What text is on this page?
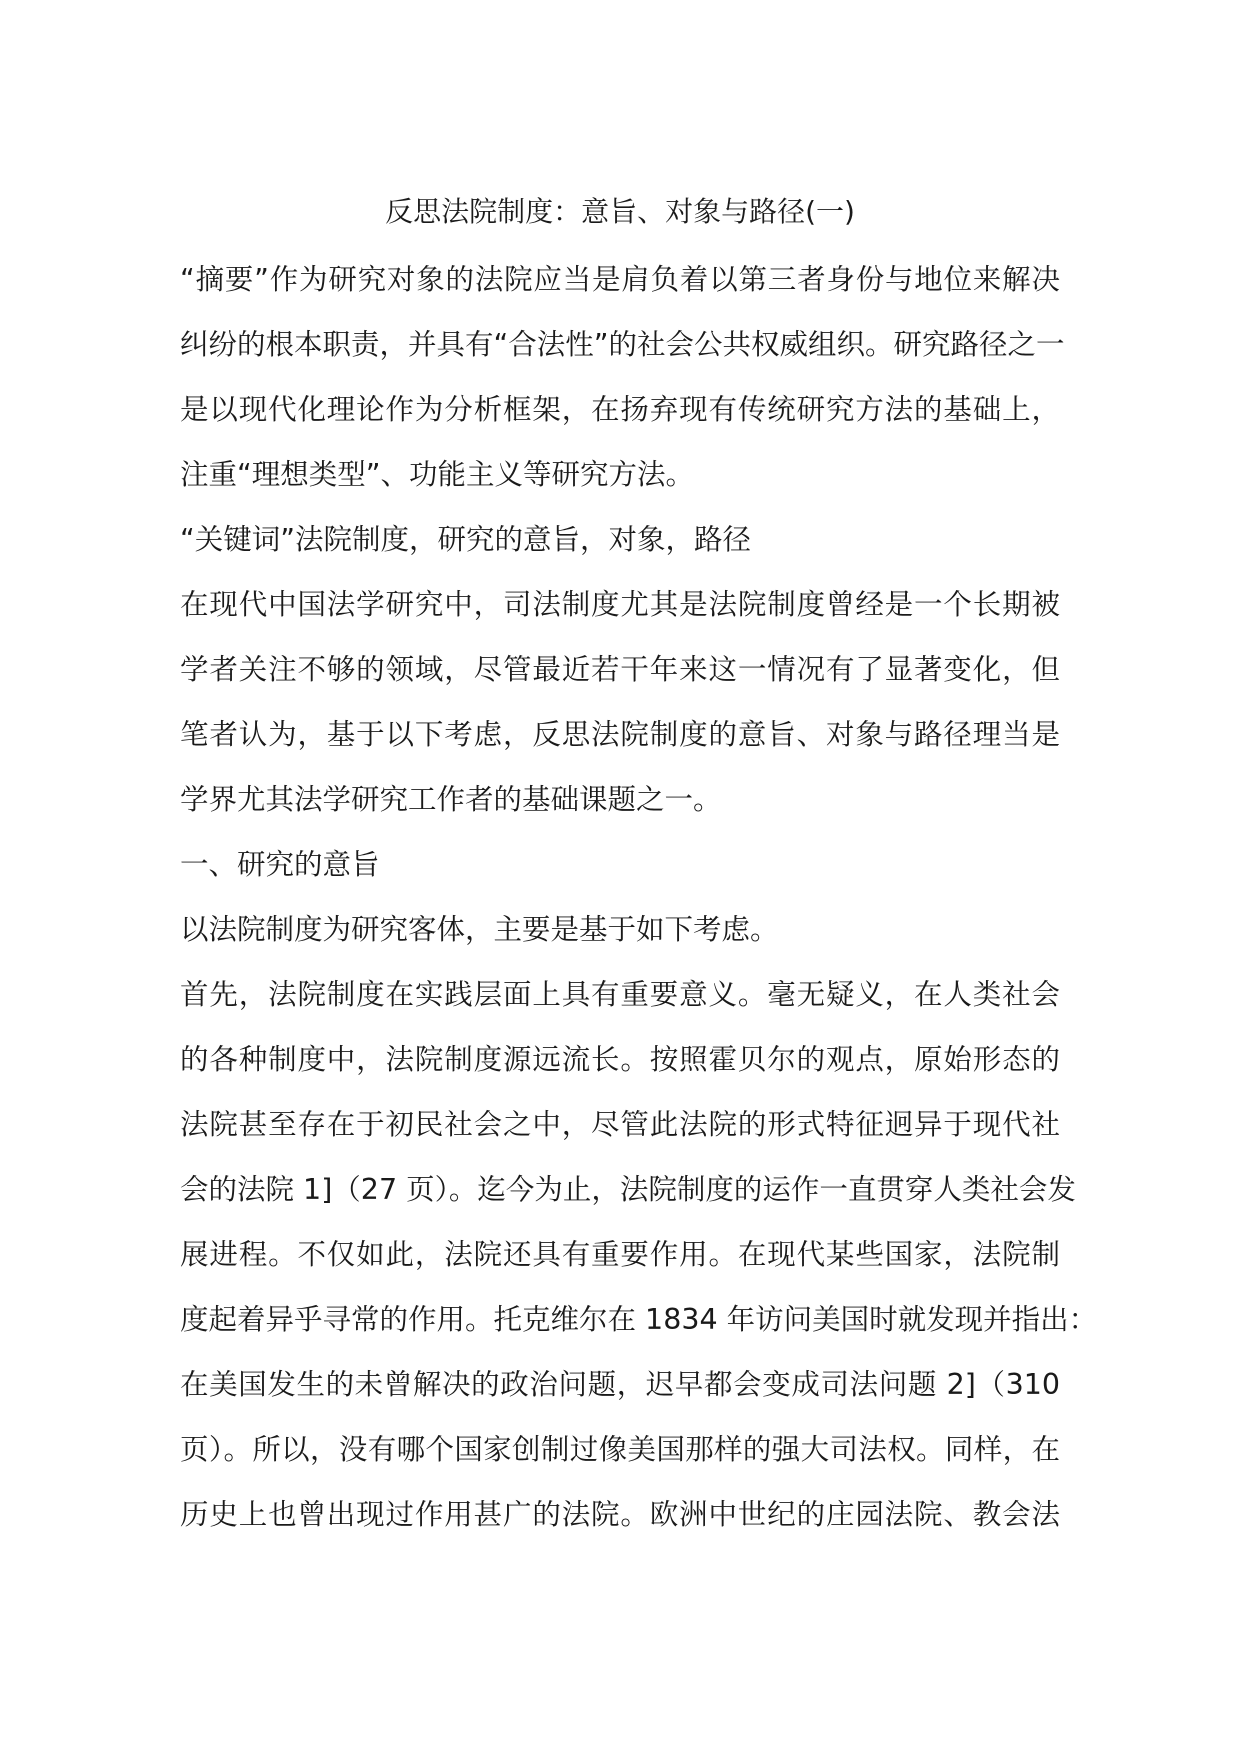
反思法院制度：意旨、对象与路径(一)

“摘要”作为研究对象的法院应当是肩负着以第三者身份与地位来解决

纠纷的根本职责，并具有“合法性”的社会公共权威组织。研究路径之一

是以现代化理论作为分析框架，在扬弃现有传统研究方法的基础上，

注重“理想类型”、功能主义等研究方法。

“关键词”法院制度，研究的意旨，对象，路径

在现代中国法学研究中，司法制度尤其是法院制度曾经是一个长期被

学者关注不够的领域，尽管最近若干年来这一情况有了显著变化，但

笔者认为，基于以下考虑，反思法院制度的意旨、对象与路径理当是

学界尤其法学研究工作者的基础课题之一。

一、研究的意旨

以法院制度为研究客体，主要是基于如下考虑。

首先，法院制度在实践层面上具有重要意义。毫无疑义，在人类社会

的各种制度中，法院制度源远流长。按照霍贝尔的观点，原始形态的

法院甚至存在于初民社会之中，尽管此法院的形式特征迥异于现代社

会的法院 1]（27 页）。迄今为止，法院制度的运作一直贯穿人类社会发

展进程。不仅如此，法院还具有重要作用。在现代某些国家，法院制

度起着异乎寻常的作用。托克维尔在 1834 年访问美国时就发现并指出：

在美国发生的未曾解决的政治问题，迟早都会变成司法问题 2]（310

页）。所以，没有哪个国家创制过像美国那样的强大司法权。同样，在

历史上也曾出现过作用甚广的法院。欧洲中世纪的庄园法院、教会法
